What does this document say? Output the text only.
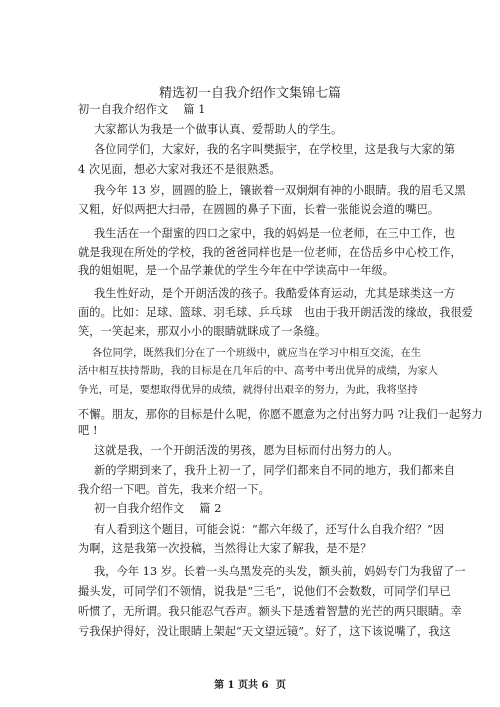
精选初一自我介绍作文集锦七篇
初一自我介绍作文　 篇 1
大家都认为我是一个做事认真、爱帮助人的学生。
各位同学们，大家好，我的名字叫樊振宇，在学校里，这是我与大家的第
4 次见面，想必大家对我还不是很熟悉。
我今年 13 岁，圆圆的脸上，镶嵌着一双炯炯有神的小眼睛。我的眉毛又黑
又粗，好似两把大扫帚，在圆圆的鼻子下面，长着一张能说会道的嘴巴。
我生活在一个甜蜜的四口之家中，我的妈妈是一位老师，在三中工作，也
就是我现在所处的学校，我的爸爸同样也是一位老师，在岱岳乡中心校工作，
我的姐姐呢，是一个品学兼优的学生今年在中学读高中一年级。
我生性好动，是个开朗活泼的孩子。我酷爱体育运动，尤其是球类这一方
面的。比如：足球、篮球、羽毛球、乒乓球　也由于我开朗活泼的缘故，我很爱
笑，一笑起来，那双小小的眼睛就眯成了一条缝。
各位同学，既然我们分在了一个班级中，就应当在学习中相互交流，在生
活中相互扶持帮助，我的目标是在几年后的中、高考中考出优异的成绩，为家人
争光，可是，要想取得优异的成绩，就得付出艰辛的努力，为此，我将坚持
不懈。朋友，那你的目标是什么呢，你愿不愿意为之付出努力吗 ?让我们一起努力
吧 !
这就是我，一个开朗活泼的男孩，愿为目标而付出努力的人。
新的学期到来了，我升上初一了，同学们都来自不同的地方，我们都来自
我介绍一下吧。首先，我来介绍一下。
初一自我介绍作文　 篇 2
有人看到这个题目，可能会说：“都六年级了，还写什么自我介绍？”因
为啊，这是我第一次投稿，当然得让大家了解我，是不是？
我，今年 13 岁。长着一头乌黑发亮的头发，额头前，妈妈专门为我留了一
撮头发，可同学们不领情，说我是“三毛”，说他们不会数数，可同学们早已
听惯了，无所谓。我只能忍气吞声。额头下是透着智慧的光芒的两只眼睛。幸
亏我保护得好，没让眼睛上架起“天文望远镜”。好了，这下该说嘴了，我这
第 1 页共 6 页
